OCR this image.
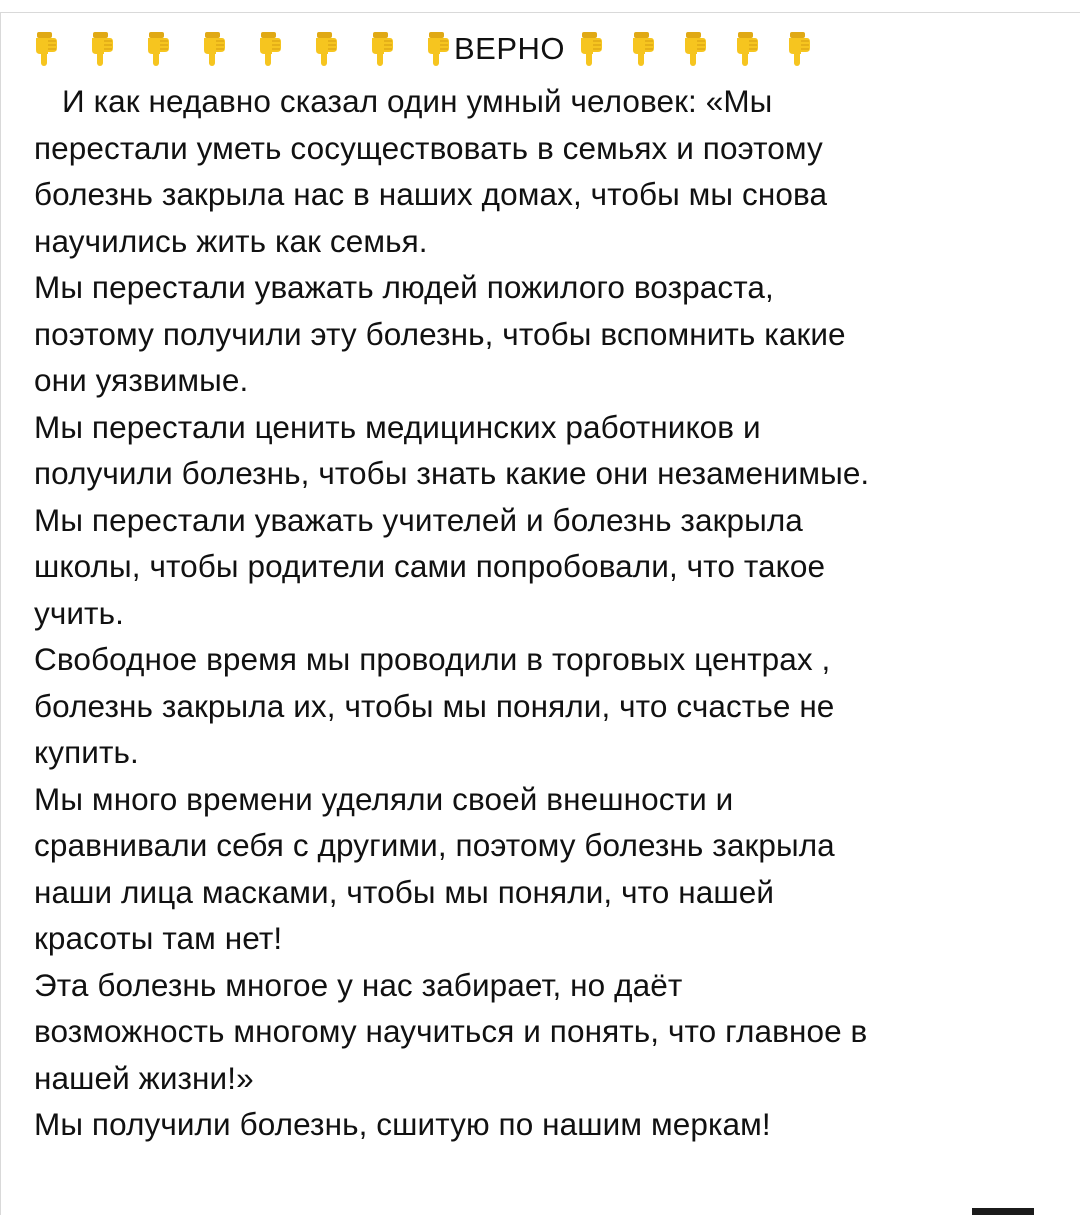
ВЕРНО
И как недавно сказал один умный человек: «Мы
перестали уметь сосуществовать в семьях и поэтому
болезнь закрыла нас в наших домах, чтобы мы снова
научились жить как семья.
Мы перестали уважать людей пожилого возраста,
поэтому получили эту болезнь, чтобы вспомнить какие
они уязвимые.
Мы перестали ценить медицинских работников и
получили болезнь, чтобы знать какие они незаменимые.
Мы перестали уважать учителей и болезнь закрыла
школы, чтобы родители сами попробовали, что такое
учить.
Свободное время мы проводили в торговых центрах ,
болезнь закрыла их, чтобы мы поняли, что счастье не
купить.
Мы много времени уделяли своей внешности и
сравнивали себя с другими, поэтому болезнь закрыла
наши лица масками, чтобы мы поняли, что нашей
красоты там нет!
Эта болезнь многое у нас забирает, но даёт
возможность многому научиться и понять, что главное в
нашей жизни!»
Мы получили болезнь, сшитую по нашим меркам!
